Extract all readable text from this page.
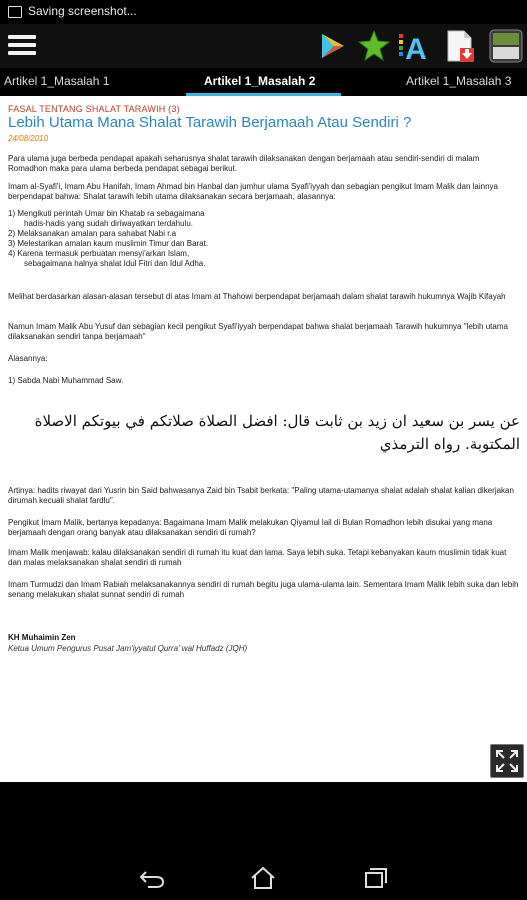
Saving screenshot...
A
Artikel 1_Masalah 1	Artikel 1_Masalah 2	Artikel 1_Masalah 3
FASAL TENTANG SHALAT TARAWIH (3)
Lebih Utama Mana Shalat Tarawih Berjamaah Atau Sendiri ?
24/08/2010
Para ulama juga berbeda pendapat apakah seharusnya shalat tarawih dilaksanakan dengan berjamaah atau sendiri-sendiri di malam Romadhon maka para ulama berbeda pendapat sebagai berikut.
Imam al-Syafi'i, Imam Abu Hanifah, Imam Ahmad bin Hanbal dan jumhur ulama Syafi'iyyah dan sebagian pengikut Imam Malik dan lainnya berpendapat bahwa: Shalat tarawih lebih utama dilaksanakan secara berjamaah, alasannya:
1) Mengikuti perintah Umar bin Khatab ra sebagaimana
hadis-hadis yang sudah diriwayatkan terdahulu.
2) Melaksanakan amalan para sahabat Nabi r.a
3) Melestarikan amalan kaum muslimin Timur dan Barat.
4) Karena termasuk perbuatan mensyi'arkan Islam,
sebagaimana halnya shalat Idul Fitri dan Idul Adha.
Melihat berdasarkan alasan-alasan tersebut di atas Imam at Thahowi berpendapat berjamaah dalam shalat tarawih hukumnya Wajib Kifayah
Namun Imam Malik Abu Yusuf dan sebagian kecil pengikut Syafi'iyyah berpendapat bahwa shalat berjamaah Tarawih hukumnya "lebih utama dilaksanakan sendiri tanpa berjamaah"
Alasannya:
1) Sabda Nabi Muhammad Saw.
عن يسر بن سعيد ان زيد بن ثابت قال: افضل الصلاة صلاتكم في بيوتكم الاصلاة المكتوبة. رواه الترمذي
Artinya: hadits riwayat dari Yusrin bin Said bahwasanya Zaid bin Tsabit berkata: "Paling utama-utamanya shalat adalah shalat kalian dikerjakan dirumah kecuali shalat fardlu".
Pengikut Imam Malik, bertanya kepadanya: Bagaimana Imam Malik melakukan Qiyamul lail di Bulan Romadhon lebih disukai yang mana berjamaah dengan orang banyak atau dilaksanakan sendiri di rumah?
Imam Malik menjawab: kalau dilaksanakan sendiri di rumah itu kuat dan lama. Saya lebih suka. Tetapi kebanyakan kaum muslimin tidak kuat dan malas melaksanakan shalat sendiri di rumah
Imam Turmudzi dan Imam Rabiah melaksanakannya sendiri di rumah begitu juga ulama-ulama lain. Sementara Imam Malik lebih suka dan lebih senang melakukan shalat sunnat sendiri di rumah
KH Muhaimin Zen
Ketua Umum Pengurus Pusat Jam'iyyatul Qurra' wal Huffadz (JQH)
